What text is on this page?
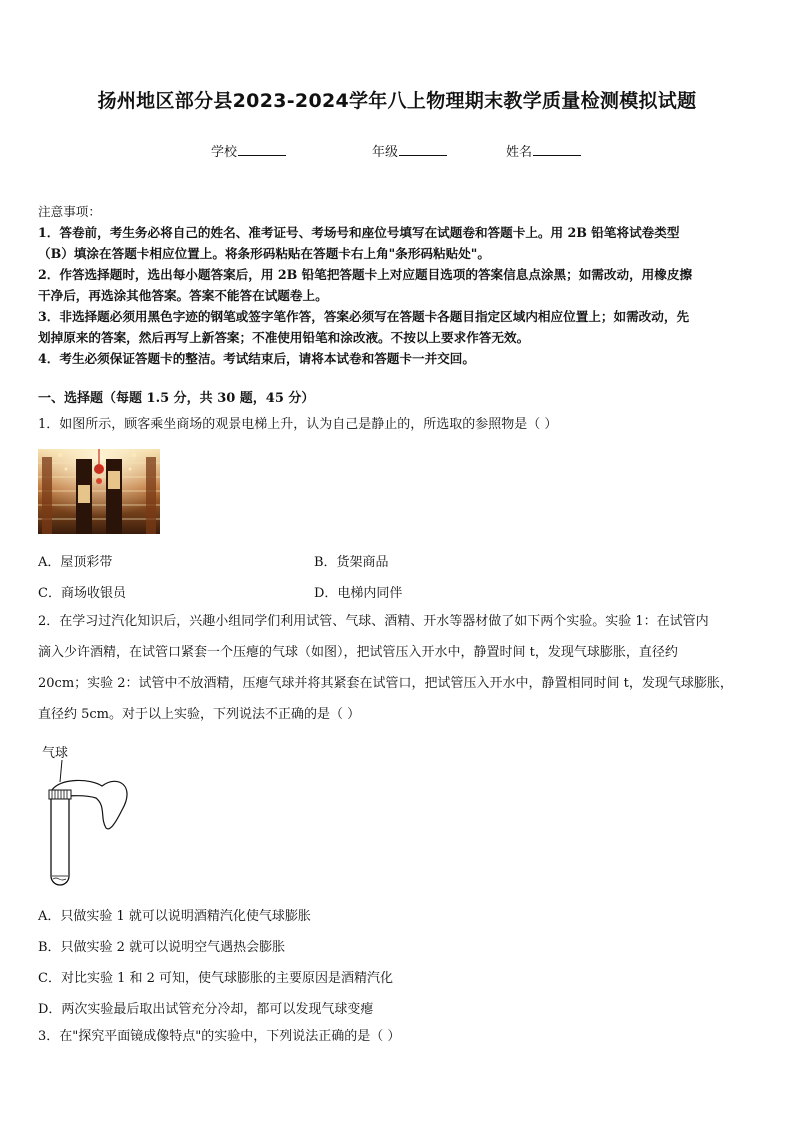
扬州地区部分县2023-2024学年八上物理期末教学质量检测模拟试题
学校	年级	姓名

注意事项：

1．答卷前，考生务必将自己的姓名、准考证号、考场号和座位号填写在试题卷和答题卡上。用 2B 铅笔将试卷类型

（B）填涂在答题卡相应位置上。将条形码粘贴在答题卡右上角"条形码粘贴处"。

2．作答选择题时，选出每小题答案后，用 2B 铅笔把答题卡上对应题目选项的答案信息点涂黑；如需改动，用橡皮擦

干净后，再选涂其他答案。答案不能答在试题卷上。

3．非选择题必须用黑色字迹的钢笔或签字笔作答，答案必须写在答题卡各题目指定区域内相应位置上；如需改动，先

划掉原来的答案，然后再写上新答案；不准使用铅笔和涂改液。不按以上要求作答无效。

4．考生必须保证答题卡的整洁。考试结束后，请将本试卷和答题卡一并交回。

一、选择题（每题 1.5 分，共 30 题，45 分）
1．如图所示，顾客乘坐商场的观景电梯上升，认为自己是静止的，所选取的参照物是（ ）
A．屋顶彩带	B．货架商品
C．商场收银员	D．电梯内同伴
2．在学习过汽化知识后，兴趣小组同学们利用试管、气球、酒精、开水等器材做了如下两个实验。实验 1：在试管内
滴入少许酒精，在试管口紧套一个压瘪的气球（如图），把试管压入开水中，静置时间 t，发现气球膨胀，直径约
20cm；实验 2：试管中不放酒精，压瘪气球并将其紧套在试管口，把试管压入开水中，静置相同时间 t，发现气球膨胀，
直径约 5cm。对于以上实验，下列说法不正确的是（ ）
气球
A．只做实验 1 就可以说明酒精汽化使气球膨胀
B．只做实验 2 就可以说明空气遇热会膨胀
C．对比实验 1 和 2 可知，使气球膨胀的主要原因是酒精汽化
D．两次实验最后取出试管充分冷却，都可以发现气球变瘪
3．在"探究平面镜成像特点"的实验中，下列说法正确的是（ ）
